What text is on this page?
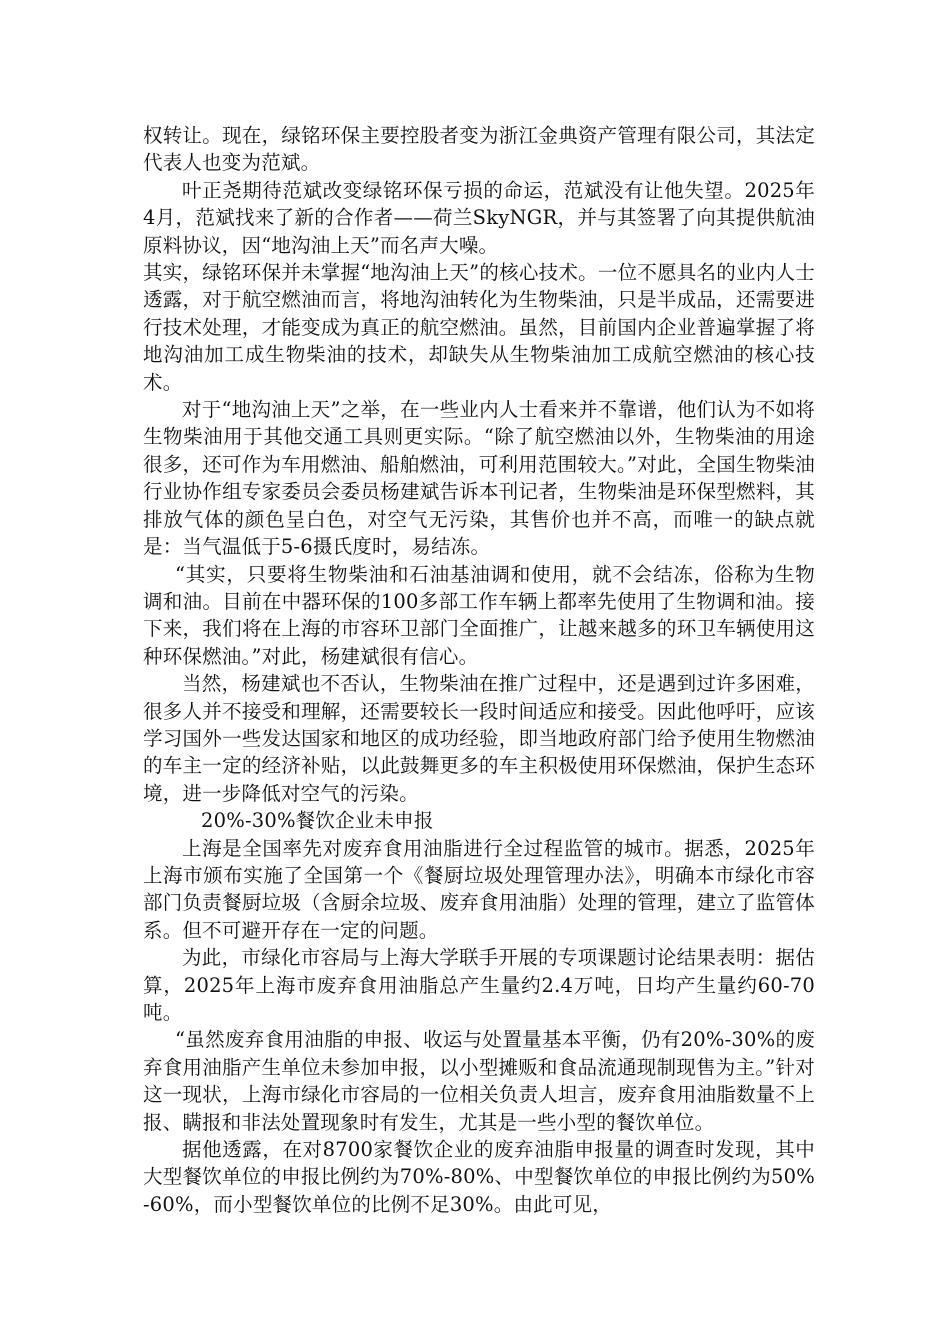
权转让。现在，绿铭环保主要控股者变为浙江金典资产管理有限公司，其法定代表人也变为范斌。

叶正尧期待范斌改变绿铭环保亏损的命运，范斌没有让他失望。2025年4月，范斌找来了新的合作者——荷兰SkyNGR，并与其签署了向其提供航油原料协议，因“地沟油上天”而名声大噪。

其实，绿铭环保并未掌握“地沟油上天”的核心技术。一位不愿具名的业内人士透露，对于航空燃油而言，将地沟油转化为生物柴油，只是半成品，还需要进行技术处理，才能变成为真正的航空燃油。虽然，目前国内企业普遍掌握了将地沟油加工成生物柴油的技术，却缺失从生物柴油加工成航空燃油的核心技术。

对于“地沟油上天”之举，在一些业内人士看来并不靠谱，他们认为不如将生物柴油用于其他交通工具则更实际。“除了航空燃油以外，生物柴油的用途很多，还可作为车用燃油、船舶燃油，可利用范围较大。”对此，全国生物柴油行业协作组专家委员会委员杨建斌告诉本刊记者，生物柴油是环保型燃料，其排放气体的颜色呈白色，对空气无污染，其售价也并不高，而唯一的缺点就是：当气温低于5-6摄氏度时，易结冻。

“其实，只要将生物柴油和石油基油调和使用，就不会结冻，俗称为生物调和油。目前在中器环保的100多部工作车辆上都率先使用了生物调和油。接下来，我们将在上海的市容环卫部门全面推广，让越来越多的环卫车辆使用这种环保燃油。”对此，杨建斌很有信心。

当然，杨建斌也不否认，生物柴油在推广过程中，还是遇到过许多困难，很多人并不接受和理解，还需要较长一段时间适应和接受。因此他呼吁，应该学习国外一些发达国家和地区的成功经验，即当地政府部门给予使用生物燃油的车主一定的经济补贴，以此鼓舞更多的车主积极使用环保燃油，保护生态环境，进一步降低对空气的污染。

20%-30%餐饮企业未申报

上海是全国率先对废弃食用油脂进行全过程监管的城市。据悉，2025年上海市颁布实施了全国第一个《餐厨垃圾处理管理办法》，明确本市绿化市容部门负责餐厨垃圾（含厨余垃圾、废弃食用油脂）处理的管理，建立了监管体系。但不可避开存在一定的问题。

为此，市绿化市容局与上海大学联手开展的专项课题讨论结果表明：据估算，2025年上海市废弃食用油脂总产生量约2.4万吨，日均产生量约60-70吨。

“虽然废弃食用油脂的申报、收运与处置量基本平衡，仍有20%-30%的废弃食用油脂产生单位未参加申报，以小型摊贩和食品流通现制现售为主。”针对这一现状，上海市绿化市容局的一位相关负责人坦言，废弃食用油脂数量不上报、瞒报和非法处置现象时有发生，尤其是一些小型的餐饮单位。

据他透露，在对8700家餐饮企业的废弃油脂申报量的调查时发现，其中大型餐饮单位的申报比例约为70%-80%、中型餐饮单位的申报比例约为50%-60%，而小型餐饮单位的比例不足30%。由此可见，
